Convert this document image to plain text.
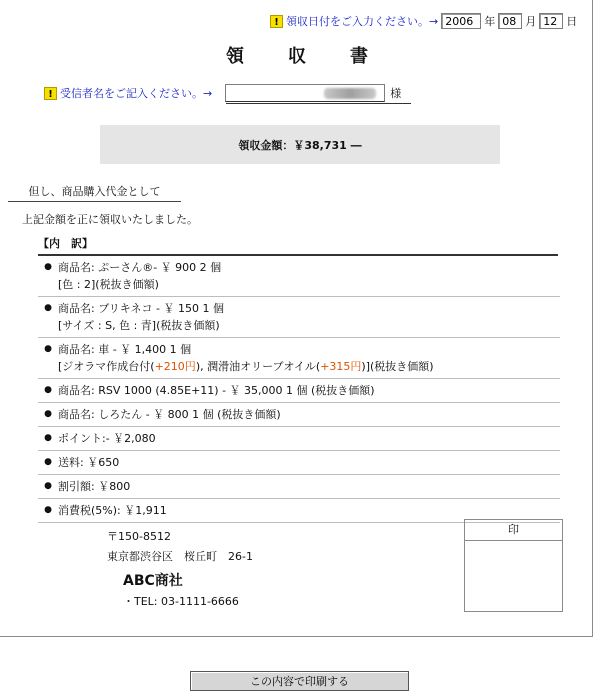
! 領収日付をご入力ください。→
2006	年
08	月
12	日
領収書
! 受信者名をご記入ください。→	様
領収金額：￥38,731 ―
但し、商品購入代金として
上記金額を正に領収いたしました。
【内　訳】
● 商品名: ぷーさん®- ￥ 900 2 個
[色 : 2](税抜き価額)
● 商品名: ブリキネコ - ￥ 150 1 個
[サイズ : S, 色 : 青](税抜き価額)
● 商品名: 車 - ￥ 1,400 1 個
[ジオラマ作成台付(+210円), 潤滑油オリーブオイル(+315円)](税抜き価額)
● 商品名: RSV 1000 (4.85E+11) - ￥ 35,000 1 個 (税抜き価額)
● 商品名: しろたん - ￥ 800 1 個 (税抜き価額)
● ポイント:- ￥2,080
● 送料: ￥650
● 割引額: ￥800
● 消費税(5%): ￥1,911
〒150-8512
東京都渋谷区　桜丘町　26-1
ABC商社
・TEL: 03-1111-6666
印
この内容で印刷する
